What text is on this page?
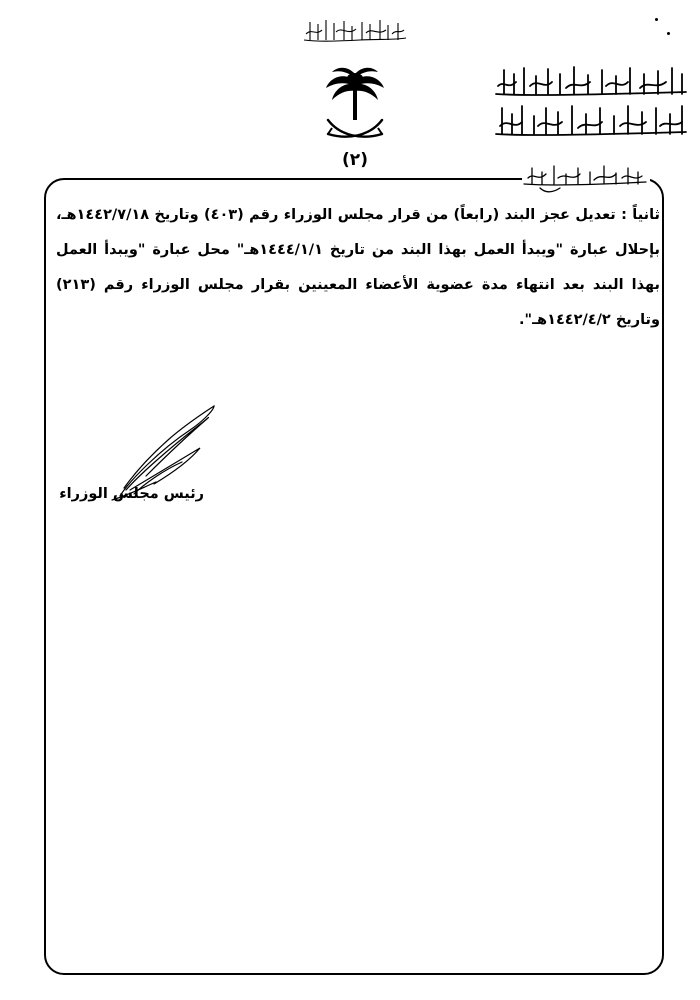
(٢)

ثانياً : تعديل عجز البند (رابعاً) من قرار مجلس الوزراء رقم (٤٠٣) وتاريخ ١٤٤٢/٧/١٨هـ، بإحلال عبارة "ويبدأ العمل بهذا البند من تاريخ ١٤٤٤/١/١هـ" محل عبارة "ويبدأ العمل بهذا البند بعد انتهاء مدة عضوية الأعضاء المعينين بقرار مجلس الوزراء رقم (٢١٣) وتاريخ ١٤٤٢/٤/٢هـ".

رئيس مجلس الوزراء
